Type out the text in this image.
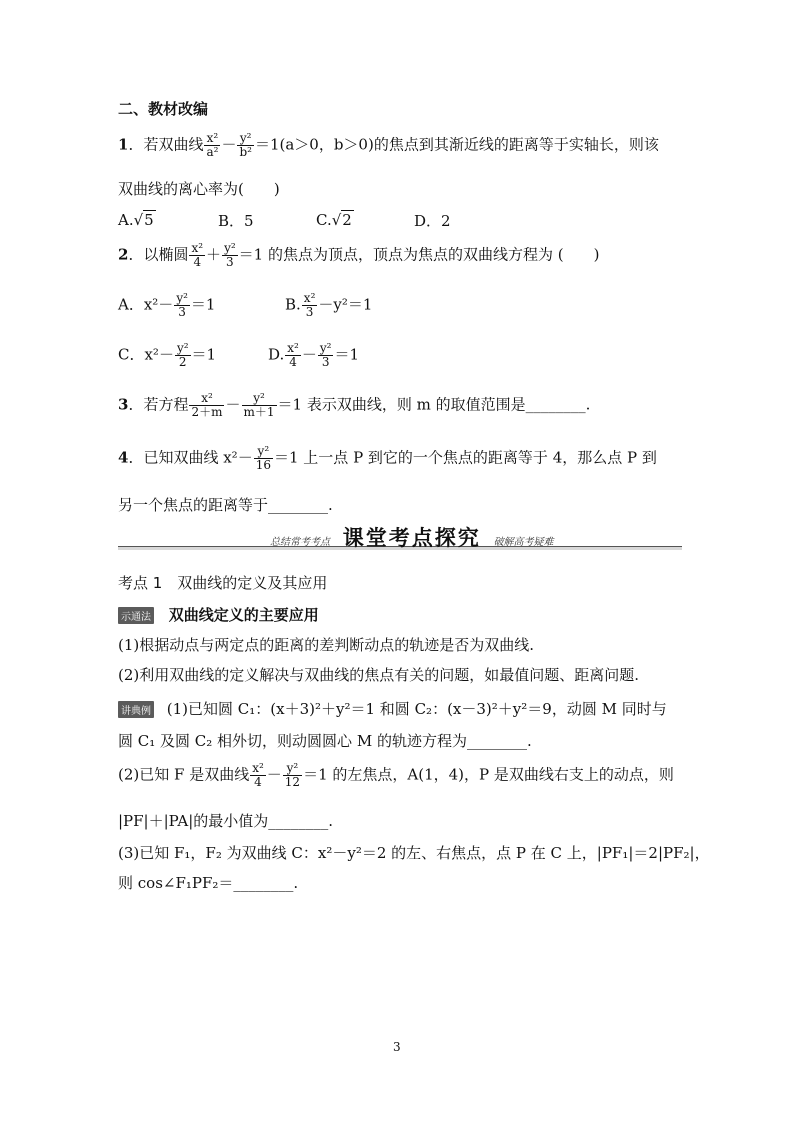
二、教材改编
1．若双曲线 $\frac{\text{x²}}{\text{a²}} - \frac{\text{y²}}{\text{b²}} =1(a>0$，b＞0)的焦点到其渐近线的距离等于实轴长，则该
双曲线的离心率为(　　)
A.√5	B．5	C.√2	D．2
2．以椭圆 $\frac{\text{x²}}{4} + \frac{\text{y²}}{3} =1$ 的焦点为顶点，顶点为焦点的双曲线方程为 (　　)
A．$x^2- \frac{\text{y²}}{3} =1$	B. $\frac{\text{x²}}{3} -y^2=1$
C．$x^2- \frac{\text{y²}}{2} =1$	D. $\frac{\text{x²}}{4} - \frac{\text{y²}}{3} =1$
3．若方程 $\frac{\text{x²}}{2+m} - \frac{\text{y²}}{m+1} =1$ 表示双曲线，则 m 的取值范围是________.
4．已知双曲线 $x^2- \frac{\text{y²}}{16} =1$ 上一点 P 到它的一个焦点的距离等于 4，那么点 P 到
另一个焦点的距离等于________.
总结常考考点 课堂考点探究 破解高考疑难
考点 1　双曲线的定义及其应用
示通法 双曲线定义的主要应用
(1)根据动点与两定点的距离的差判断动点的轨迹是否为双曲线.
(2)利用双曲线的定义解决与双曲线的焦点有关的问题，如最值问题、距离问题.
讲典例 (1)已知圆 C₁：(x＋3)²＋y²＝1 和圆 C₂：(x－3)²＋y²＝9，动圆 M 同时与
圆 C₁ 及圆 C₂ 相外切，则动圆圆心 M 的轨迹方程为________.
(2)已知 F 是双曲线 $\frac{\text{x²}}{4} - \frac{\text{y²}}{12} =1$ 的左焦点，A(1，4)，P 是双曲线右支上的动点，则
|PF|＋|PA|的最小值为________.
(3)已知 F₁，F₂ 为双曲线 C：x²－y²＝2 的左、右焦点，点 P 在 C 上，|PF₁|＝2|PF₂|，
则 cos∠F₁PF₂＝________.
3
